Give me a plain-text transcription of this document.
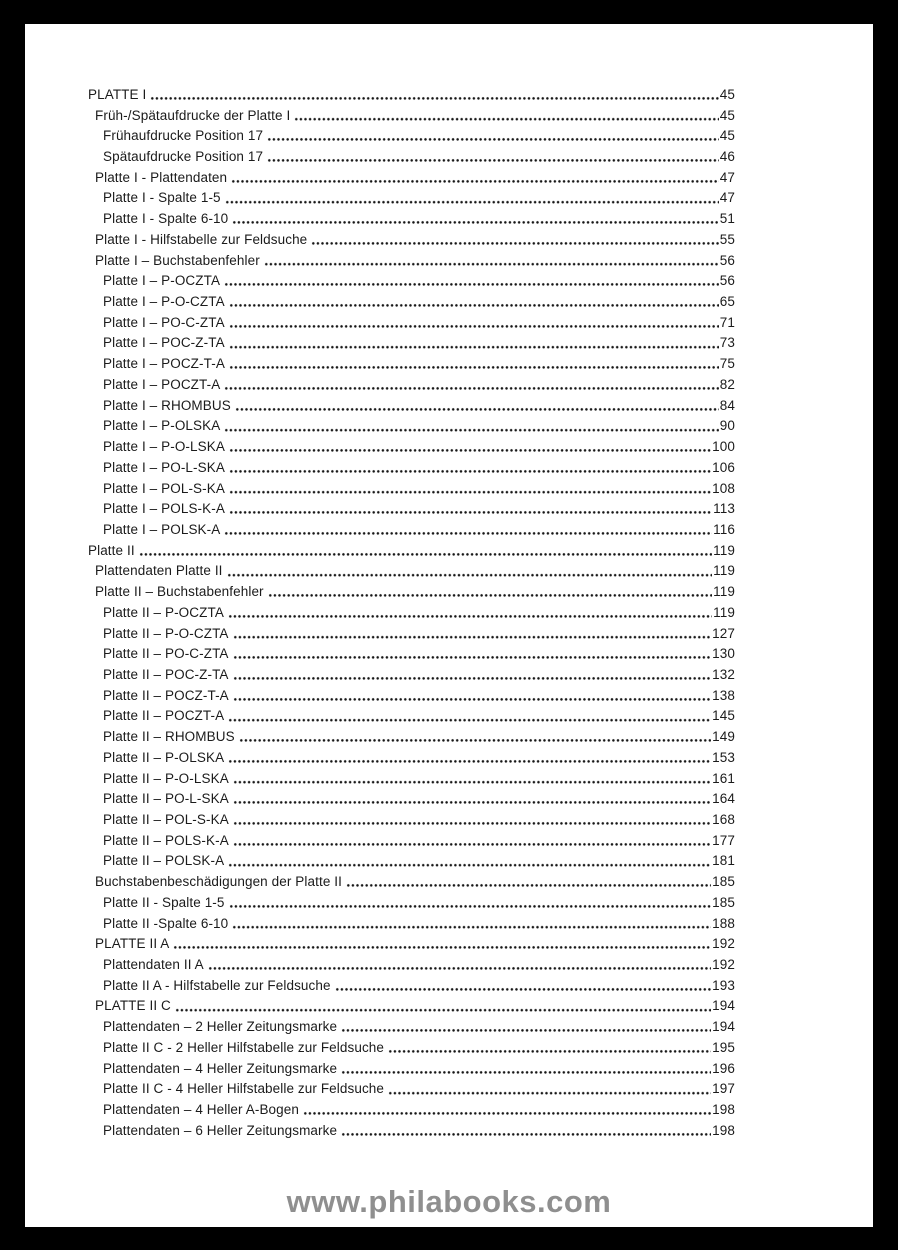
PLATTE I	45
Früh-/Spätaufdrucke der Platte I	45
Frühaufdrucke Position 17	45
Spätaufdrucke Position 17	46
Platte I - Plattendaten	47
Platte I - Spalte 1-5	47
Platte I - Spalte 6-10	51
Platte I - Hilfstabelle zur Feldsuche	55
Platte I – Buchstabenfehler	56
Platte I – P-OCZTA	56
Platte I – P-O-CZTA	65
Platte I – PO-C-ZTA	71
Platte I – POC-Z-TA	73
Platte I – POCZ-T-A	75
Platte I – POCZT-A	82
Platte I – RHOMBUS	84
Platte I – P-OLSKA	90
Platte I – P-O-LSKA	100
Platte I – PO-L-SKA	106
Platte I – POL-S-KA	108
Platte I – POLS-K-A	113
Platte I – POLSK-A	116
Platte II	119
Plattendaten Platte II	119
Platte II – Buchstabenfehler	119
Platte II – P-OCZTA	119
Platte II – P-O-CZTA	127
Platte II – PO-C-ZTA	130
Platte II – POC-Z-TA	132
Platte II – POCZ-T-A	138
Platte II – POCZT-A	145
Platte II – RHOMBUS	149
Platte II – P-OLSKA	153
Platte II – P-O-LSKA	161
Platte II – PO-L-SKA	164
Platte II – POL-S-KA	168
Platte II – POLS-K-A	177
Platte II – POLSK-A	181
Buchstabenbeschädigungen der Platte II	185
Platte II - Spalte 1-5	185
Platte II -Spalte 6-10	188
PLATTE II A	192
Plattendaten II A	192
Platte II A - Hilfstabelle zur Feldsuche	193
PLATTE II C	194
Plattendaten – 2 Heller Zeitungsmarke	194
Platte II C - 2 Heller Hilfstabelle zur Feldsuche	195
Plattendaten – 4 Heller Zeitungsmarke	196
Platte II C - 4 Heller Hilfstabelle zur Feldsuche	197
Plattendaten – 4 Heller A-Bogen	198
Plattendaten – 6 Heller Zeitungsmarke	198
www.philabooks.com
